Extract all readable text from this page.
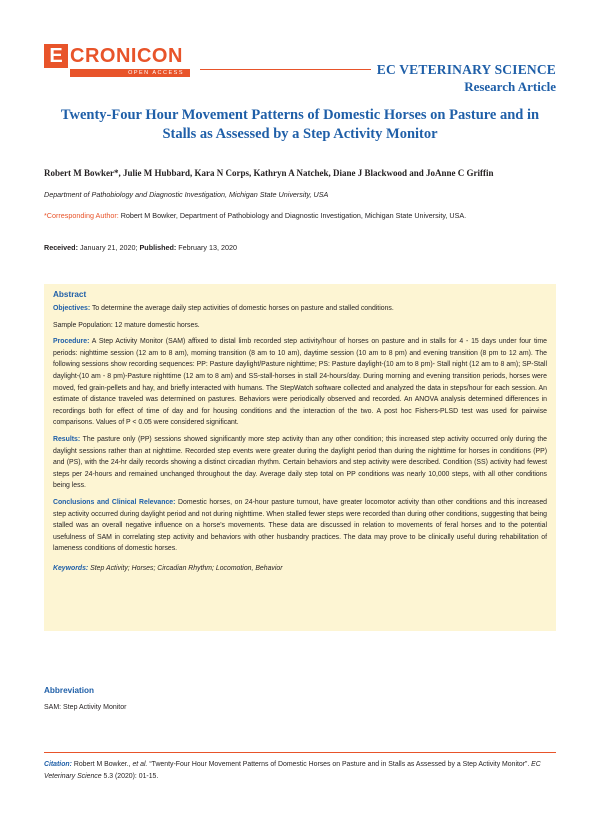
E CRONICON
OPEN ACCESS	EC VETERINARY SCIENCE
Research Article
Twenty-Four Hour Movement Patterns of Domestic Horses on Pasture and in Stalls as Assessed by a Step Activity Monitor
Robert M Bowker*, Julie M Hubbard, Kara N Corps, Kathryn A Natchek, Diane J Blackwood and JoAnne C Griffin
Department of Pathobiology and Diagnostic Investigation, Michigan State University, USA
*Corresponding Author: Robert M Bowker, Department of Pathobiology and Diagnostic Investigation, Michigan State University, USA.
Received: January 21, 2020; Published: February 13, 2020
Abstract

Objectives: To determine the average daily step activities of domestic horses on pasture and stalled conditions.

Sample Population: 12 mature domestic horses.

Procedure: A Step Activity Monitor (SAM) affixed to distal limb recorded step activity/hour of horses on pasture and in stalls for 4 - 15 days under four time periods: nighttime session (12 am to 8 am), morning transition (8 am to 10 am), daytime session (10 am to 8 pm) and evening transition (8 pm to 12 am). The following sessions show recording sequences: PP: Pasture daylight/Pasture nighttime; PS: Pasture daylight-(10 am to 8 pm)- Stall night (12 am to 8 am); SP-Stall daylight-(10 am - 8 pm)-Pasture nighttime (12 am to 8 am) and SS-stall-horses in stall 24-hours/day. During morning and evening transition periods, horses were moved, fed grain-pellets and hay, and briefly interacted with humans. The StepWatch software collected and analyzed the data in steps/hour for each session. An estimate of distance traveled was determined on pastures. Behaviors were periodically observed and recorded. An ANOVA analysis determined differences in recordings both for effect of time of day and for housing conditions and the interaction of the two. A post hoc Fishers-PLSD test was used for pairwise comparisons. Values of P < 0.05 were considered significant.

Results: The pasture only (PP) sessions showed significantly more step activity than any other condition; this increased step activity occurred only during the daylight sessions rather than at nighttime. Recorded step events were greater during the daylight period than during the nighttime for horses in conditions (PP) and (PS), with the 24-hr daily records showing a distinct circadian rhythm. Certain behaviors and step activity were described. Condition (SS) activity had fewest steps per 24-hours and remained unchanged throughout the day. Average daily step total on PP conditions was nearly 10,000 steps, with all other conditions being less.

Conclusions and Clinical Relevance: Domestic horses, on 24-hour pasture turnout, have greater locomotor activity than other conditions and this increased step activity occurred during daylight period and not during nighttime. When stalled fewer steps were recorded than during other conditions, suggesting that being stalled was an overall negative influence on a horse's movements. These data are discussed in relation to movements of feral horses and to the potential usefulness of SAM in correlating step activity and behaviors with other husbandry practices. The data may prove to be clinically useful during rehabilitation of lameness conditions of domestic horses.

Keywords: Step Activity; Horses; Circadian Rhythm; Locomotion, Behavior

Abbreviation
SAM: Step Activity Monitor
Citation: Robert M Bowker., et al. “Twenty-Four Hour Movement Patterns of Domestic Horses on Pasture and in Stalls as Assessed by a Step Activity Monitor”. EC Veterinary Science 5.3 (2020): 01-15.
